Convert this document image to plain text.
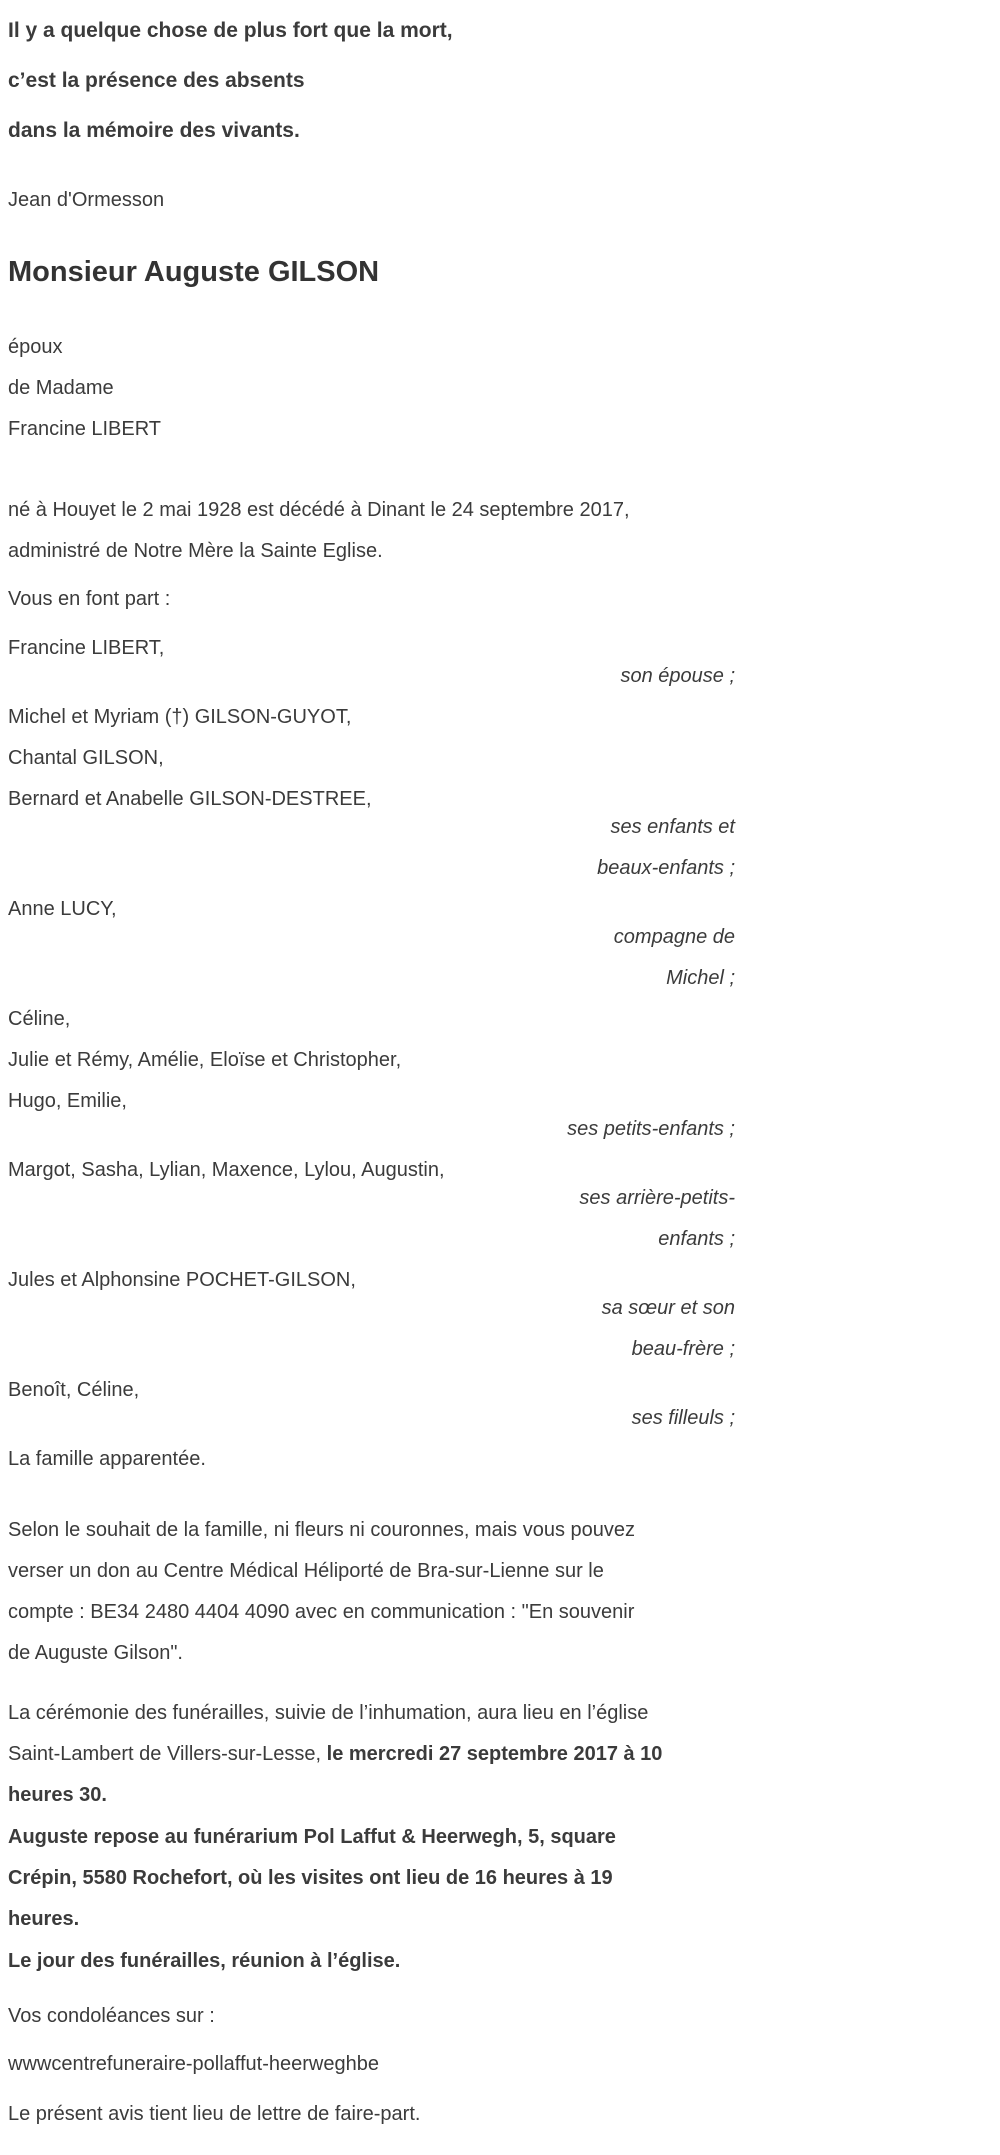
Il y a quelque chose de plus fort que la mort,
c’est la présence des absents
dans la mémoire des vivants.
Jean d'Ormesson
Monsieur Auguste GILSON
époux
de Madame
Francine LIBERT
né à Houyet le 2 mai 1928 est décédé à Dinant le 24 septembre 2017,
administré de Notre Mère la Sainte Eglise.
Vous en font part :
Francine LIBERT,
son épouse ;
Michel et Myriam (†) GILSON-GUYOT,
Chantal GILSON,
Bernard et Anabelle GILSON-DESTREE,
ses enfants et
beaux-enfants ;
Anne LUCY,
compagne de
Michel ;
Céline,
Julie et Rémy, Amélie, Eloïse et Christopher,
Hugo, Emilie,
ses petits-enfants ;
Margot, Sasha, Lylian, Maxence, Lylou, Augustin,
ses arrière-petits-
enfants ;
Jules et Alphonsine POCHET-GILSON,
sa sœur et son
beau-frère ;
Benoît, Céline,
ses filleuls ;
La famille apparentée.
Selon le souhait de la famille, ni fleurs ni couronnes, mais vous pouvez
verser un don au Centre Médical Héliporté de Bra-sur-Lienne sur le
compte : BE34 2480 4404 4090 avec en communication : "En souvenir
de Auguste Gilson".
La cérémonie des funérailles, suivie de l’inhumation, aura lieu en l’église
Saint-Lambert de Villers-sur-Lesse, le mercredi 27 septembre 2017 à 10
heures 30.
Auguste repose au funérarium Pol Laffut & Heerwegh, 5, square
Crépin, 5580 Rochefort, où les visites ont lieu de 16 heures à 19
heures.
Le jour des funérailles, réunion à l’église.
Vos condoléances sur :
wwwcentrefuneraire-pollaffut-heerweghbe
Le présent avis tient lieu de lettre de faire-part.
